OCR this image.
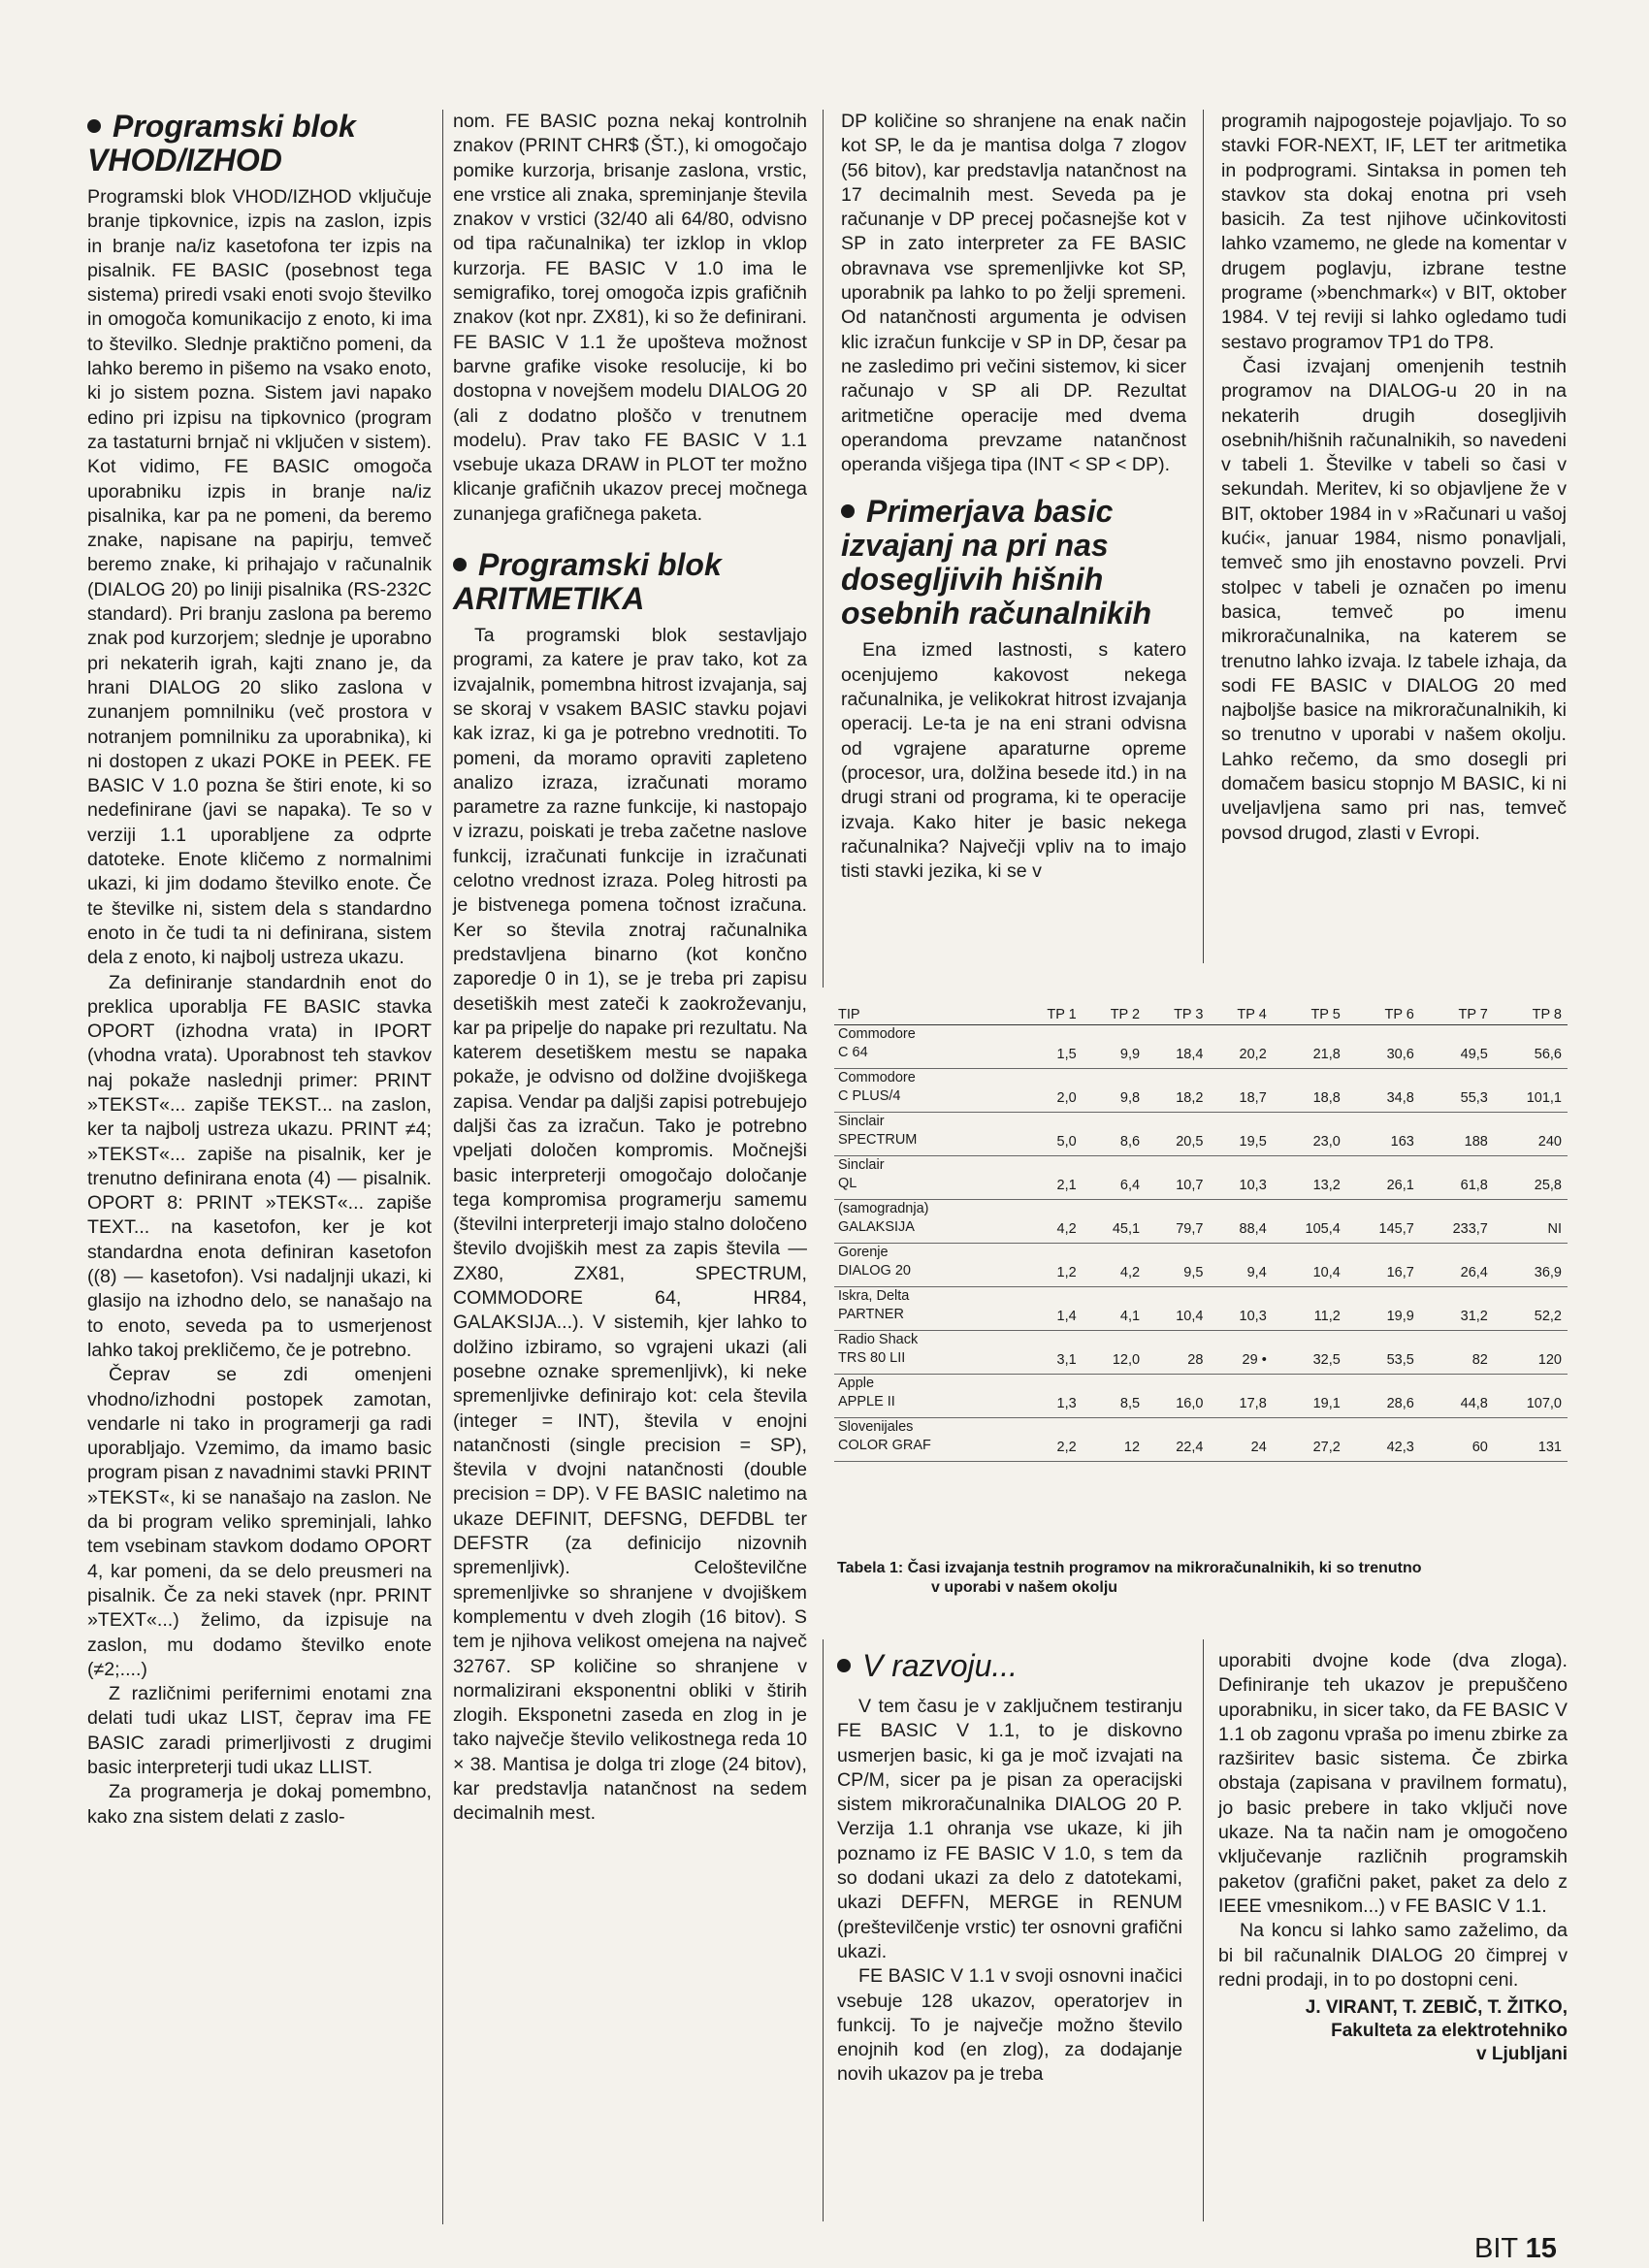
Programski blok VHOD/IZHOD

Programski blok VHOD/IZHOD vključuje branje tipkovnice, izpis na zaslon, izpis in branje na/iz kasetofona ter izpis na pisalnik. FE BASIC (posebnost tega sistema) priredi vsaki enoti svojo številko in omogoča komunikacijo z enoto, ki ima to številko. Slednje praktično pomeni, da lahko beremo in pišemo na vsako enoto, ki jo sistem pozna. Sistem javi napako edino pri izpisu na tipkovnico (program za tastaturni brnjač ni vključen v sistem). Kot vidimo, FE BASIC omogoča uporabniku izpis in branje na/iz pisalnika, kar pa ne pomeni, da beremo znake, napisane na papirju, temveč beremo znake, ki prihajajo v računalnik (DIALOG 20) po liniji pisalnika (RS-232C standard). Pri branju zaslona pa beremo znak pod kurzorjem; slednje je uporabno pri nekaterih igrah, kajti znano je, da hrani DIALOG 20 sliko zaslona v zunanjem pomnilniku (več prostora v notranjem pomnilniku za uporabnika), ki ni dostopen z ukazi POKE in PEEK. FE BASIC V 1.0 pozna še štiri enote, ki so nedefinirane (javi se napaka). Te so v verziji 1.1 uporabljene za odprte datoteke. Enote kličemo z normalnimi ukazi, ki jim dodamo številko enote. Če te številke ni, sistem dela s standardno enoto in če tudi ta ni definirana, sistem dela z enoto, ki najbolj ustreza ukazu.

Za definiranje standardnih enot do preklica uporablja FE BASIC stavka OPORT (izhodna vrata) in IPORT (vhodna vrata). Uporabnost teh stavkov naj pokaže naslednji primer: PRINT »TEKST«... zapiše TEKST... na zaslon, ker ta najbolj ustreza ukazu. PRINT ≠4; »TEKST«... zapiše na pisalnik, ker je trenutno definirana enota (4) — pisalnik. OPORT 8: PRINT »TEKST«... zapiše TEXT... na kasetofon, ker je kot standardna enota definiran kasetofon ((8) — kasetofon). Vsi nadaljnji ukazi, ki glasijo na izhodno delo, se nanašajo na to enoto, seveda pa to usmerjenost lahko takoj prekličemo, če je potrebno.

Čeprav se zdi omenjeni vhodno/izhodni postopek zamotan, vendarle ni tako in programerji ga radi uporabljajo. Vzemimo, da imamo basic program pisan z navadnimi stavki PRINT »TEKST«, ki se nanašajo na zaslon. Ne da bi program veliko spreminjali, lahko tem vsebinam stavkom dodamo OPORT 4, kar pomeni, da se delo preusmeri na pisalnik. Če za neki stavek (npr. PRINT »TEXT«...) želimo, da izpisuje na zaslon, mu dodamo številko enote (≠2;....)

Z različnimi perifernimi enotami zna delati tudi ukaz LIST, čeprav ima FE BASIC zaradi primerljivosti z drugimi basic interpreterji tudi ukaz LLIST.

Za programerja je dokaj pomembno, kako zna sistem delati z zaslo-

nom. FE BASIC pozna nekaj kontrolnih znakov (PRINT CHR$ (ŠT.), ki omogočajo pomike kurzorja, brisanje zaslona, vrstic, ene vrstice ali znaka, spreminjanje števila znakov v vrstici (32/40 ali 64/80, odvisno od tipa računalnika) ter izklop in vklop kurzorja. FE BASIC V 1.0 ima le semigrafiko, torej omogoča izpis grafičnih znakov (kot npr. ZX81), ki so že definirani. FE BASIC V 1.1 že upošteva možnost barvne grafike visoke resolucije, ki bo dostopna v novejšem modelu DIALOG 20 (ali z dodatno ploščo v trenutnem modelu). Prav tako FE BASIC V 1.1 vsebuje ukaza DRAW in PLOT ter možno klicanje grafičnih ukazov precej močnega zunanjega grafičnega paketa.

Programski blok ARITMETIKA

Ta programski blok sestavljajo programi, za katere je prav tako, kot za izvajalnik, pomembna hitrost izvajanja, saj se skoraj v vsakem BASIC stavku pojavi kak izraz, ki ga je potrebno vrednotiti. To pomeni, da moramo opraviti zapleteno analizo izraza, izračunati moramo parametre za razne funkcije, ki nastopajo v izrazu, poiskati je treba začetne naslove funkcij, izračunati funkcije in izračunati celotno vrednost izraza. Poleg hitrosti pa je bistvenega pomena točnost izračuna. Ker so števila znotraj računalnika predstavljena binarno (kot končno zaporedje 0 in 1), se je treba pri zapisu desetiških mest zateči k zaokroževanju, kar pa pripelje do napake pri rezultatu. Na katerem desetiškem mestu se napaka pokaže, je odvisno od dolžine dvojiškega zapisa. Vendar pa daljši zapisi potrebujejo daljši čas za izračun. Tako je potrebno vpeljati določen kompromis. Močnejši basic interpreterji omogočajo določanje tega kompromisa programerju samemu (številni interpreterji imajo stalno določeno število dvojiških mest za zapis števila — ZX80, ZX81, SPECTRUM, COMMODORE 64, HR84, GALAKSIJA...). V sistemih, kjer lahko to dolžino izbiramo, so vgrajeni ukazi (ali posebne oznake spremenljivk), ki neke spremenljivke definirajo kot: cela števila (integer = INT), števila v enojni natančnosti (single precision = SP), števila v dvojni natančnosti (double precision = DP). V FE BASIC naletimo na ukaze DEFINIT, DEFSNG, DEFDBL ter DEFSTR (za definicijo nizovnih spremenljivk). Celoštevilčne spremenljivke so shranjene v dvojiškem komplementu v dveh zlogih (16 bitov). S tem je njihova velikost omejena na največ 32767. SP količine so shranjene v normalizirani eksponentni obliki v štirih zlogih. Eksponetni zaseda en zlog in je tako največje število velikostnega reda 10 × 38. Mantisa je dolga tri zloge (24 bitov), kar predstavlja natančnost na sedem decimalnih mest.

DP količine so shranjene na enak način kot SP, le da je mantisa dolga 7 zlogov (56 bitov), kar predstavlja natančnost na 17 decimalnih mest. Seveda pa je računanje v DP precej počasnejše kot v SP in zato interpreter za FE BASIC obravnava vse spremenljivke kot SP, uporabnik pa lahko to po želji spremeni. Od natančnosti argumenta je odvisen klic izračun funkcije v SP in DP, česar pa ne zasledimo pri večini sistemov, ki sicer računajo v SP ali DP. Rezultat aritmetične operacije med dvema operandoma prevzame natančnost operanda višjega tipa (INT < SP < DP).

Primerjava basic izvajanj na pri nas dosegljivih hišnih osebnih računalnikih

Ena izmed lastnosti, s katero ocenjujemo kakovost nekega računalnika, je velikokrat hitrost izvajanja operacij. Le-ta je na eni strani odvisna od vgrajene aparaturne opreme (procesor, ura, dolžina besede itd.) in na drugi strani od programa, ki te operacije izvaja. Kako hiter je basic nekega računalnika? Največji vpliv na to imajo tisti stavki jezika, ki se v

programih najpogosteje pojavljajo. To so stavki FOR-NEXT, IF, LET ter aritmetika in podprogrami. Sintaksa in pomen teh stavkov sta dokaj enotna pri vseh basicih. Za test njihove učinkovitosti lahko vzamemo, ne glede na komentar v drugem poglavju, izbrane testne programe (»benchmark«) v BIT, oktober 1984. V tej reviji si lahko ogledamo tudi sestavo programov TP1 do TP8.

Časi izvajanj omenjenih testnih programov na DIALOG-u 20 in na nekaterih drugih dosegljivih osebnih/hišnih računalnikih, so navedeni v tabeli 1. Številke v tabeli so časi v sekundah. Meritev, ki so objavljene že v BIT, oktober 1984 in v »Računari u vašoj kući«, januar 1984, nismo ponavljali, temveč smo jih enostavno povzeli. Prvi stolpec v tabeli je označen po imenu basica, temveč po imenu mikroračunalnika, na katerem se trenutno lahko izvaja. Iz tabele izhaja, da sodi FE BASIC v DIALOG 20 med najboljše basice na mikroračunalnikih, ki so trenutno v uporabi v našem okolju. Lahko rečemo, da smo dosegli pri domačem basicu stopnjo M BASIC, ki ni uveljavljena samo pri nas, temveč povsod drugod, zlasti v Evropi.

TIP	TP 1	TP 2	TP 3	TP 4	TP 5	TP 6	TP 7	TP 8

Commodore
C 64	1,5	9,9	18,4	20,2	21,8	30,6	49,5	56,6

Commodore
C PLUS/4	2,0	9,8	18,2	18,7	18,8	34,8	55,3	101,1

Sinclair
SPECTRUM	5,0	8,6	20,5	19,5	23,0	163	188	240

Sinclair
QL	2,1	6,4	10,7	10,3	13,2	26,1	61,8	25,8

(samogradnja)
GALAKSIJA	4,2	45,1	79,7	88,4	105,4	145,7	233,7	NI

Gorenje
DIALOG 20	1,2	4,2	9,5	9,4	10,4	16,7	26,4	36,9

Iskra, Delta
PARTNER	1,4	4,1	10,4	10,3	11,2	19,9	31,2	52,2

Radio Shack
TRS 80 LII	3,1	12,0	28	29 •	32,5	53,5	82	120

Apple
APPLE II	1,3	8,5	16,0	17,8	19,1	28,6	44,8	107,0

Slovenijales
COLOR GRAF	2,2	12	22,4	24	27,2	42,3	60	131
Tabela 1: Časi izvajanja testnih programov na mikroračunalnikih, ki so trenutno
v uporabi v našem okolju
V razvoju...

V tem času je v zaključnem testiranju FE BASIC V 1.1, to je diskovno usmerjen basic, ki ga je moč izvajati na CP/M, sicer pa je pisan za operacijski sistem mikroračunalnika DIALOG 20 P. Verzija 1.1 ohranja vse ukaze, ki jih poznamo iz FE BASIC V 1.0, s tem da so dodani ukazi za delo z datotekami, ukazi DEFFN, MERGE in RENUM (preštevilčenje vrstic) ter osnovni grafični ukazi.

FE BASIC V 1.1 v svoji osnovni inačici vsebuje 128 ukazov, operatorjev in funkcij. To je največje možno število enojnih kod (en zlog), za dodajanje novih ukazov pa je treba

uporabiti dvojne kode (dva zloga). Definiranje teh ukazov je prepuščeno uporabniku, in sicer tako, da FE BASIC V 1.1 ob zagonu vpraša po imenu zbirke za razširitev basic sistema. Če zbirka obstaja (zapisana v pravilnem formatu), jo basic prebere in tako vključi nove ukaze. Na ta način nam je omogočeno vključevanje različnih programskih paketov (grafični paket, paket za delo z IEEE vmesnikom...) v FE BASIC V 1.1.

Na koncu si lahko samo zaželimo, da bi bil računalnik DIALOG 20 čimprej v redni prodaji, in to po dostopni ceni.

J. VIRANT, T. ZEBIČ, T. ŽITKO,
Fakulteta za elektrotehniko
v Ljubljani
BIT 15
